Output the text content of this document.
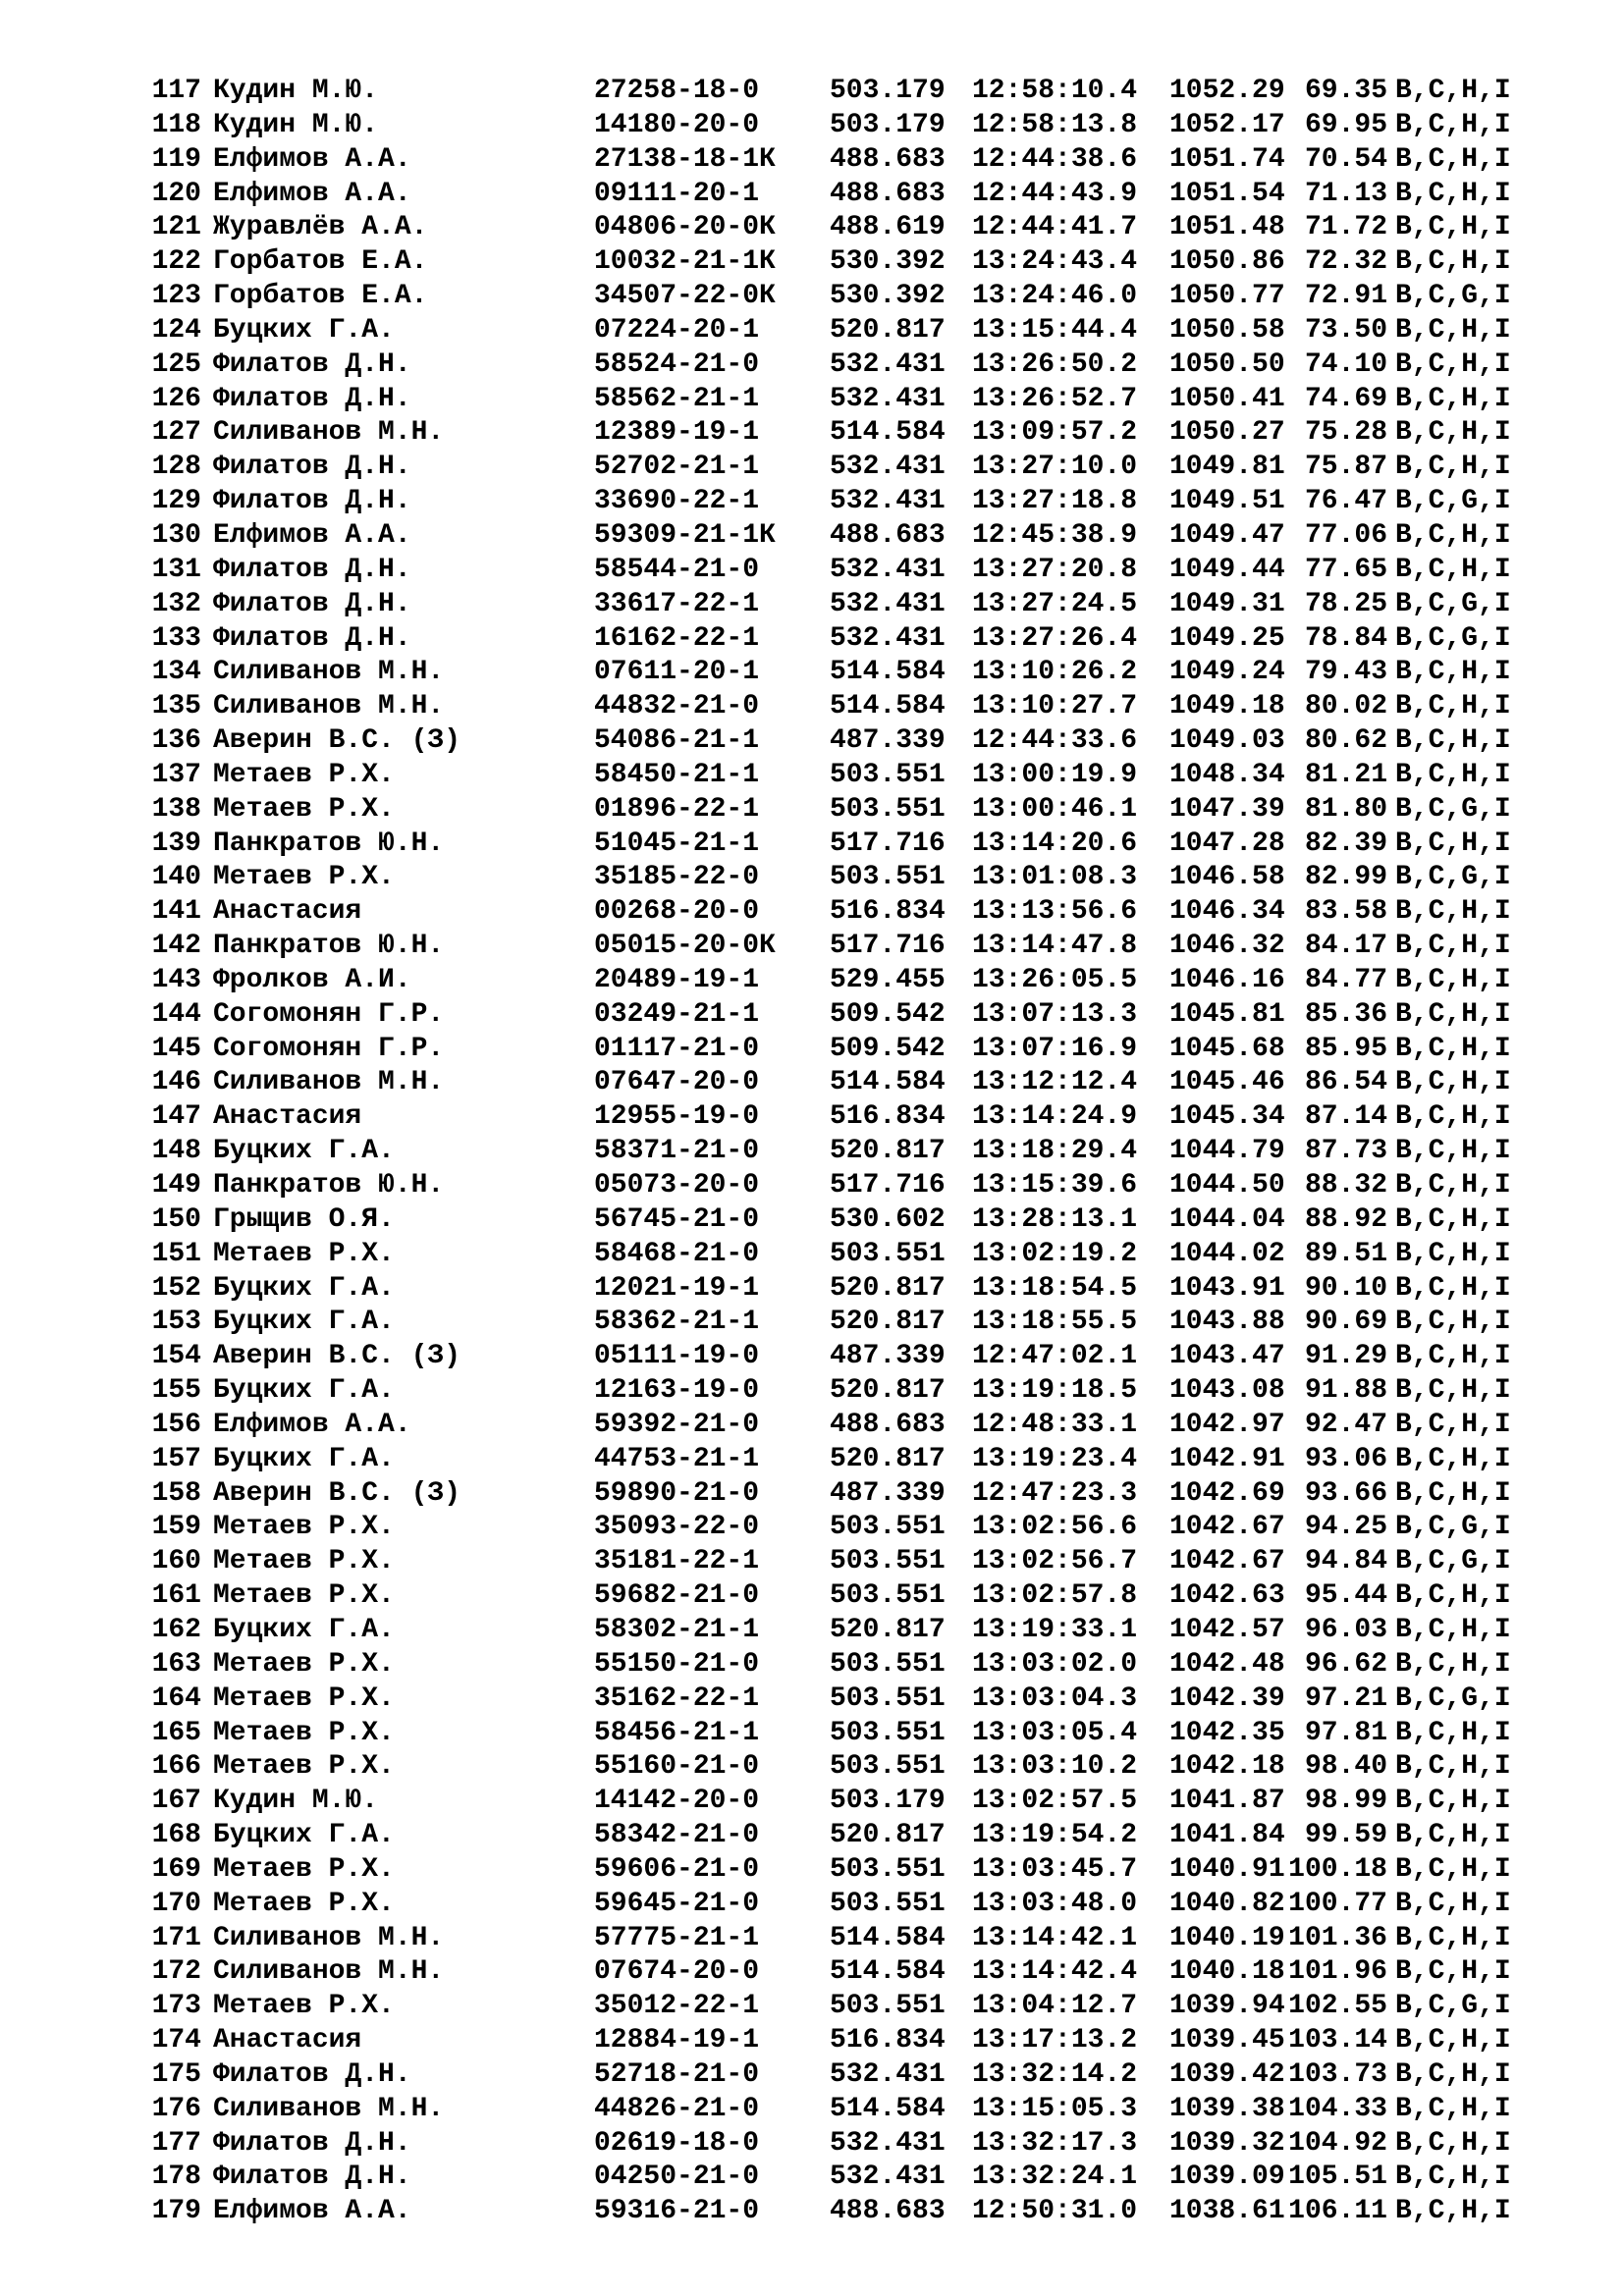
117 Кудин М.Ю.	27258-18-0	503.179 12:58:10.4 1052.29 69.35 B,C,H,I
118 Кудин М.Ю.	14180-20-0	503.179 12:58:13.8 1052.17 69.95 B,C,H,I
119 Елфимов А.А.	27138-18-1К 488.683 12:44:38.6 1051.74 70.54 B,C,H,I
120 Елфимов А.А.	09111-20-1	488.683 12:44:43.9 1051.54 71.13 B,C,H,I
121 Журавлёв А.А.	04806-20-0К 488.619 12:44:41.7 1051.48 71.72 B,C,H,I
122 Горбатов Е.А.	10032-21-1К 530.392 13:24:43.4 1050.86 72.32 B,C,H,I
123 Горбатов Е.А.	34507-22-0К 530.392 13:24:46.0 1050.77 72.91 B,C,G,I
124 Буцких Г.А.	07224-20-1	520.817 13:15:44.4 1050.58 73.50 B,C,H,I
125 Филатов Д.Н.	58524-21-0	532.431 13:26:50.2 1050.50 74.10 B,C,H,I
126 Филатов Д.Н.	58562-21-1	532.431 13:26:52.7 1050.41 74.69 B,C,H,I
127 Силиванов М.Н.	12389-19-1	514.584 13:09:57.2 1050.27 75.28 B,C,H,I
128 Филатов Д.Н.	52702-21-1	532.431 13:27:10.0 1049.81 75.87 B,C,H,I
129 Филатов Д.Н.	33690-22-1	532.431 13:27:18.8 1049.51 76.47 B,C,G,I
130 Елфимов А.А.	59309-21-1К 488.683 12:45:38.9 1049.47 77.06 B,C,H,I
131 Филатов Д.Н.	58544-21-0	532.431 13:27:20.8 1049.44 77.65 B,C,H,I
132 Филатов Д.Н.	33617-22-1	532.431 13:27:24.5 1049.31 78.25 B,C,G,I
133 Филатов Д.Н.	16162-22-1	532.431 13:27:26.4 1049.25 78.84 B,C,G,I
134 Силиванов М.Н.	07611-20-1	514.584 13:10:26.2 1049.24 79.43 B,C,H,I
135 Силиванов М.Н.	44832-21-0	514.584 13:10:27.7 1049.18 80.02 B,C,H,I
136 Аверин В.С. (З)	54086-21-1	487.339 12:44:33.6 1049.03 80.62 B,C,H,I
137 Метаев Р.Х.	58450-21-1	503.551 13:00:19.9 1048.34 81.21 B,C,H,I
138 Метаев Р.Х.	01896-22-1	503.551 13:00:46.1 1047.39 81.80 B,C,G,I
139 Панкратов Ю.Н.	51045-21-1	517.716 13:14:20.6 1047.28 82.39 B,C,H,I
140 Метаев Р.Х.	35185-22-0	503.551 13:01:08.3 1046.58 82.99 B,C,G,I
141 Анастасия	00268-20-0	516.834 13:13:56.6 1046.34 83.58 B,C,H,I
142 Панкратов Ю.Н.	05015-20-0К 517.716 13:14:47.8 1046.32 84.17 B,C,H,I
143 Фролков А.И.	20489-19-1	529.455 13:26:05.5 1046.16 84.77 B,C,H,I
144 Согомонян Г.Р.	03249-21-1	509.542 13:07:13.3 1045.81 85.36 B,C,H,I
145 Согомонян Г.Р.	01117-21-0	509.542 13:07:16.9 1045.68 85.95 B,C,H,I
146 Силиванов М.Н.	07647-20-0	514.584 13:12:12.4 1045.46 86.54 B,C,H,I
147 Анастасия	12955-19-0	516.834 13:14:24.9 1045.34 87.14 B,C,H,I
148 Буцких Г.А.	58371-21-0	520.817 13:18:29.4 1044.79 87.73 B,C,H,I
149 Панкратов Ю.Н.	05073-20-0	517.716 13:15:39.6 1044.50 88.32 B,C,H,I
150 Грыщив О.Я.	56745-21-0	530.602 13:28:13.1 1044.04 88.92 B,C,H,I
151 Метаев Р.Х.	58468-21-0	503.551 13:02:19.2 1044.02 89.51 B,C,H,I
152 Буцких Г.А.	12021-19-1	520.817 13:18:54.5 1043.91 90.10 B,C,H,I
153 Буцких Г.А.	58362-21-1	520.817 13:18:55.5 1043.88 90.69 B,C,H,I
154 Аверин В.С. (З)	05111-19-0	487.339 12:47:02.1 1043.47 91.29 B,C,H,I
155 Буцких Г.А.	12163-19-0	520.817 13:19:18.5 1043.08 91.88 B,C,H,I
156 Елфимов А.А.	59392-21-0	488.683 12:48:33.1 1042.97 92.47 B,C,H,I
157 Буцких Г.А.	44753-21-1	520.817 13:19:23.4 1042.91 93.06 B,C,H,I
158 Аверин В.С. (З)	59890-21-0	487.339 12:47:23.3 1042.69 93.66 B,C,H,I
159 Метаев Р.Х.	35093-22-0	503.551 13:02:56.6 1042.67 94.25 B,C,G,I
160 Метаев Р.Х.	35181-22-1	503.551 13:02:56.7 1042.67 94.84 B,C,G,I
161 Метаев Р.Х.	59682-21-0	503.551 13:02:57.8 1042.63 95.44 B,C,H,I
162 Буцких Г.А.	58302-21-1	520.817 13:19:33.1 1042.57 96.03 B,C,H,I
163 Метаев Р.Х.	55150-21-0	503.551 13:03:02.0 1042.48 96.62 B,C,H,I
164 Метаев Р.Х.	35162-22-1	503.551 13:03:04.3 1042.39 97.21 B,C,G,I
165 Метаев Р.Х.	58456-21-1	503.551 13:03:05.4 1042.35 97.81 B,C,H,I
166 Метаев Р.Х.	55160-21-0	503.551 13:03:10.2 1042.18 98.40 B,C,H,I
167 Кудин М.Ю.	14142-20-0	503.179 13:02:57.5 1041.87 98.99 B,C,H,I
168 Буцких Г.А.	58342-21-0	520.817 13:19:54.2 1041.84 99.59 B,C,H,I
169 Метаев Р.Х.	59606-21-0	503.551 13:03:45.7 1040.91 100.18 B,C,H,I
170 Метаев Р.Х.	59645-21-0	503.551 13:03:48.0 1040.82 100.77 B,C,H,I
171 Силиванов М.Н.	57775-21-1	514.584 13:14:42.1 1040.19 101.36 B,C,H,I
172 Силиванов М.Н.	07674-20-0	514.584 13:14:42.4 1040.18 101.96 B,C,H,I
173 Метаев Р.Х.	35012-22-1	503.551 13:04:12.7 1039.94 102.55 B,C,G,I
174 Анастасия	12884-19-1	516.834 13:17:13.2 1039.45 103.14 B,C,H,I
175 Филатов Д.Н.	52718-21-0	532.431 13:32:14.2 1039.42 103.73 B,C,H,I
176 Силиванов М.Н.	44826-21-0	514.584 13:15:05.3 1039.38 104.33 B,C,H,I
177 Филатов Д.Н.	02619-18-0	532.431 13:32:17.3 1039.32 104.92 B,C,H,I
178 Филатов Д.Н.	04250-21-0	532.431 13:32:24.1 1039.09 105.51 B,C,H,I
179 Елфимов А.А.	59316-21-0	488.683 12:50:31.0 1038.61 106.11 B,C,H,I
